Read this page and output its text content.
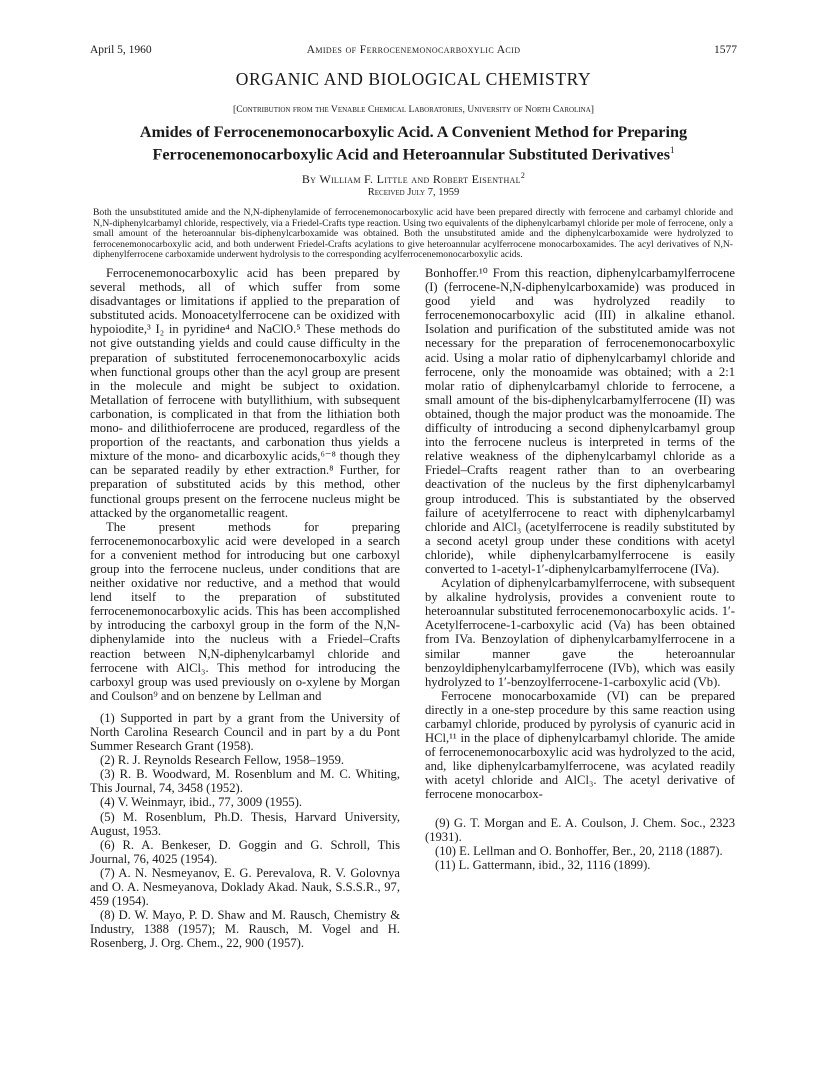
April 5, 1960	Amides of Ferrocenemonocarboxylic Acid	1577
ORGANIC AND BIOLOGICAL CHEMISTRY
[Contribution from the Venable Chemical Laboratories, University of North Carolina]
Amides of Ferrocenemonocarboxylic Acid. A Convenient Method for Preparing
Ferrocenemonocarboxylic Acid and Heteroannular Substituted Derivatives$^1$
By William F. Little and Robert Eisenthal$^2$
Received July 7, 1959

Both the unsubstituted amide and the N,N-diphenylamide of ferrocenemonocarboxylic acid have been prepared directly with ferrocene and carbamyl chloride and N,N-diphenylcarbamyl chloride, respectively, via a Friedel-Crafts type reaction. Using two equivalents of the diphenylcarbamyl chloride per mole of ferrocene, only a small amount of the heteroannular bis-diphenylcarboxamide was obtained. Both the unsubstituted amide and the diphenylcarboxamide were hydrolyzed to ferrocenemonocarboxylic acid, and both underwent Friedel-Crafts acylations to give heteroannular acylferrocene monocarboxamides. The acyl derivatives of N,N-diphenylferrocene carboxamide underwent hydrolysis to the corresponding acylferrocenemonocarboxylic acids.

Ferrocenemonocarboxylic acid has been prepared by several methods, all of which suffer from some disadvantages or limitations if applied to the preparation of substituted acids. Monoacetylferrocene can be oxidized with hypoiodite,³ I₂ in pyridine⁴ and NaClO.⁵ These methods do not give outstanding yields and could cause difficulty in the preparation of substituted ferrocenemonocarboxylic acids when functional groups other than the acyl group are present in the molecule and might be subject to oxidation. Metallation of ferrocene with butyllithium, with subsequent carbonation, is complicated in that from the lithiation both mono- and dilithioferrocene are produced, regardless of the proportion of the reactants, and carbonation thus yields a mixture of the mono- and dicarboxylic acids,⁶⁻⁸ though they can be separated readily by ether extraction.⁸ Further, for preparation of substituted acids by this method, other functional groups present on the ferrocene nucleus might be attacked by the organometallic reagent.

The present methods for preparing ferrocenemonocarboxylic acid were developed in a search for a convenient method for introducing but one carboxyl group into the ferrocene nucleus, under conditions that are neither oxidative nor reductive, and a method that would lend itself to the preparation of substituted ferrocenemonocarboxylic acids. This has been accomplished by introducing the carboxyl group in the form of the N,N-diphenylamide into the nucleus with a Friedel–Crafts reaction between N,N-diphenylcarbamyl chloride and ferrocene with AlCl₃. This method for introducing the carboxyl group was used previously on o-xylene by Morgan and Coulson⁹ and on benzene by Lellman and

(1) Supported in part by a grant from the University of North Carolina Research Council and in part by a du Pont Summer Research Grant (1958).

(2) R. J. Reynolds Research Fellow, 1958–1959.

(3) R. B. Woodward, M. Rosenblum and M. C. Whiting, This Journal, 74, 3458 (1952).

(4) V. Weinmayr, ibid., 77, 3009 (1955).

(5) M. Rosenblum, Ph.D. Thesis, Harvard University, August, 1953.

(6) R. A. Benkeser, D. Goggin and G. Schroll, This Journal, 76, 4025 (1954).

(7) A. N. Nesmeyanov, E. G. Perevalova, R. V. Golovnya and O. A. Nesmeyanova, Doklady Akad. Nauk, S.S.S.R., 97, 459 (1954).

(8) D. W. Mayo, P. D. Shaw and M. Rausch, Chemistry & Industry, 1388 (1957); M. Rausch, M. Vogel and H. Rosenberg, J. Org. Chem., 22, 900 (1957).

Bonhoffer.¹⁰ From this reaction, diphenylcarbamylferrocene (I) (ferrocene-N,N-diphenylcarboxamide) was produced in good yield and was hydrolyzed readily to ferrocenemonocarboxylic acid (III) in alkaline ethanol. Isolation and purification of the substituted amide was not necessary for the preparation of ferrocenemonocarboxylic acid. Using a molar ratio of diphenylcarbamyl chloride and ferrocene, only the monoamide was obtained; with a 2:1 molar ratio of diphenylcarbamyl chloride to ferrocene, a small amount of the bis-diphenylcarbamylferrocene (II) was obtained, though the major product was the monoamide. The difficulty of introducing a second diphenylcarbamyl group into the ferrocene nucleus is interpreted in terms of the relative weakness of the diphenylcarbamyl chloride as a Friedel–Crafts reagent rather than to an overbearing deactivation of the nucleus by the first diphenylcarbamyl group introduced. This is substantiated by the observed failure of acetylferrocene to react with diphenylcarbamyl chloride and AlCl₃ (acetylferrocene is readily substituted by a second acetyl group under these conditions with acetyl chloride), while diphenylcarbamylferrocene is easily converted to 1-acetyl-1′-diphenylcarbamylferrocene (IVa).

Acylation of diphenylcarbamylferrocene, with subsequent by alkaline hydrolysis, provides a convenient route to heteroannular substituted ferrocenemonocarboxylic acids. 1′-Acetylferrocene-1-carboxylic acid (Va) has been obtained from IVa. Benzoylation of diphenylcarbamylferrocene in a similar manner gave the heteroannular benzoyldiphenylcarbamylferrocene (IVb), which was easily hydrolyzed to 1′-benzoylferrocene-1-carboxylic acid (Vb).

Ferrocene monocarboxamide (VI) can be prepared directly in a one-step procedure by this same reaction using carbamyl chloride, produced by pyrolysis of cyanuric acid in HCl,¹¹ in the place of diphenylcarbamyl chloride. The amide of ferrocenemonocarboxylic acid was hydrolyzed to the acid, and, like diphenylcarbamylferrocene, was acylated readily with acetyl chloride and AlCl₃. The acetyl derivative of ferrocene monocarbox-

(9) G. T. Morgan and E. A. Coulson, J. Chem. Soc., 2323 (1931).

(10) E. Lellman and O. Bonhoffer, Ber., 20, 2118 (1887).

(11) L. Gattermann, ibid., 32, 1116 (1899).
